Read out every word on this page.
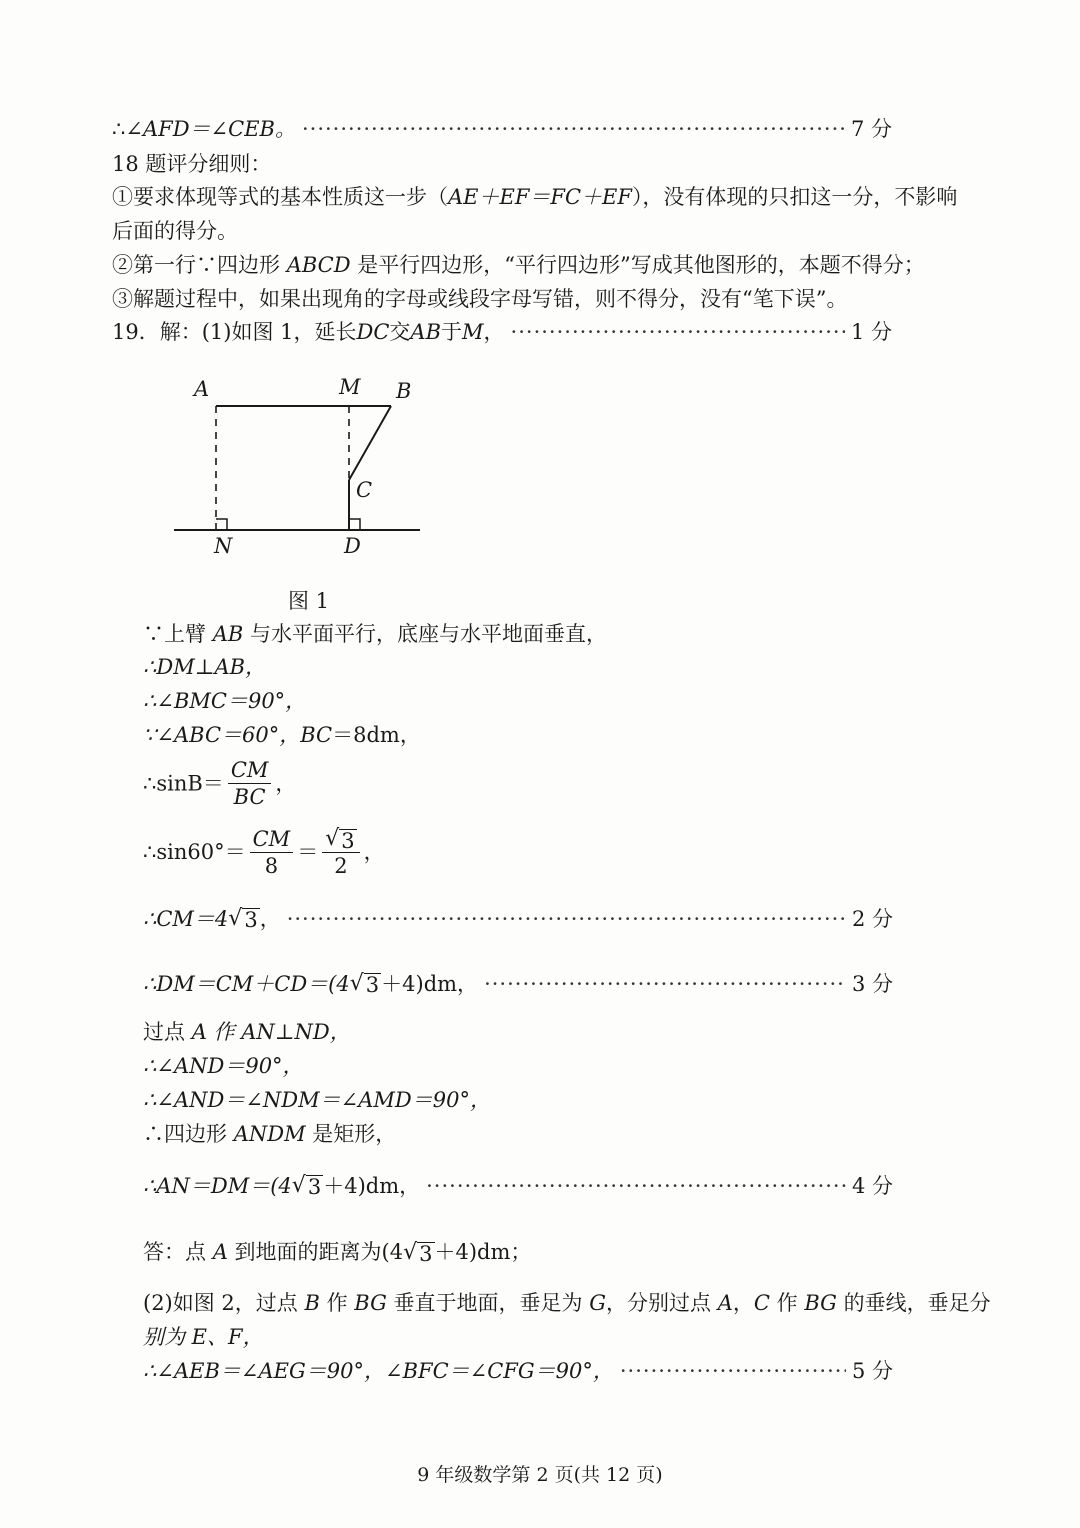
∴ ∠AFD＝∠CEB。 ·····	7 分
18 题评分细则：
①要求体现等式的基本性质这一步（AE＋EF＝FC＋EF），没有体现的只扣这一分，不影响
后面的得分。
②第一行∵四边形 ABCD 是平行四边形，“平行四边形”写成其他图形的，本题不得分；
③解题过程中，如果出现角的字母或线段字母写错，则不得分，没有“笔下误”。
19．解：(1)如图 1，延长 DC 交 AB 于 M ， ·····	1 分
A	M B
C
N	D
图 1
∵上臂 AB 与水平面平行，底座与水平地面垂直，
∴DM⊥AB，
∴∠BMC＝90°，
∵∠ABC＝60°，BC＝8dm，
∴sinB＝ $\frac{CM}{BC}$ ，
∴sin60°＝ $\frac{CM}{8} = \frac{√ 3}{2}$ ，
∴CM＝4 √ 3 ， ·····	2 分
∴DM＝CM＋CD＝(4 √ 3 ＋4)dm， ·····	3 分
过点 A 作 AN⊥ND，
∴∠AND＝90°，
∴∠AND＝∠NDM＝∠AMD＝90°，
∴四边形 ANDM 是矩形，
∴AN＝DM＝(4 √ 3 ＋4)dm， ·····	4 分
答：点 A 到地面的距离为(4 √ 3 ＋4)dm；
(2)如图 2，过点 B 作 BG 垂直于地面，垂足为 G，分别过点 A，C 作 BG 的垂线，垂足分
别为 E、F，
∴∠AEB＝∠AEG＝90°，∠BFC＝∠CFG＝90°， ·····	5 分
9 年级数学第 2 页(共 12 页)
